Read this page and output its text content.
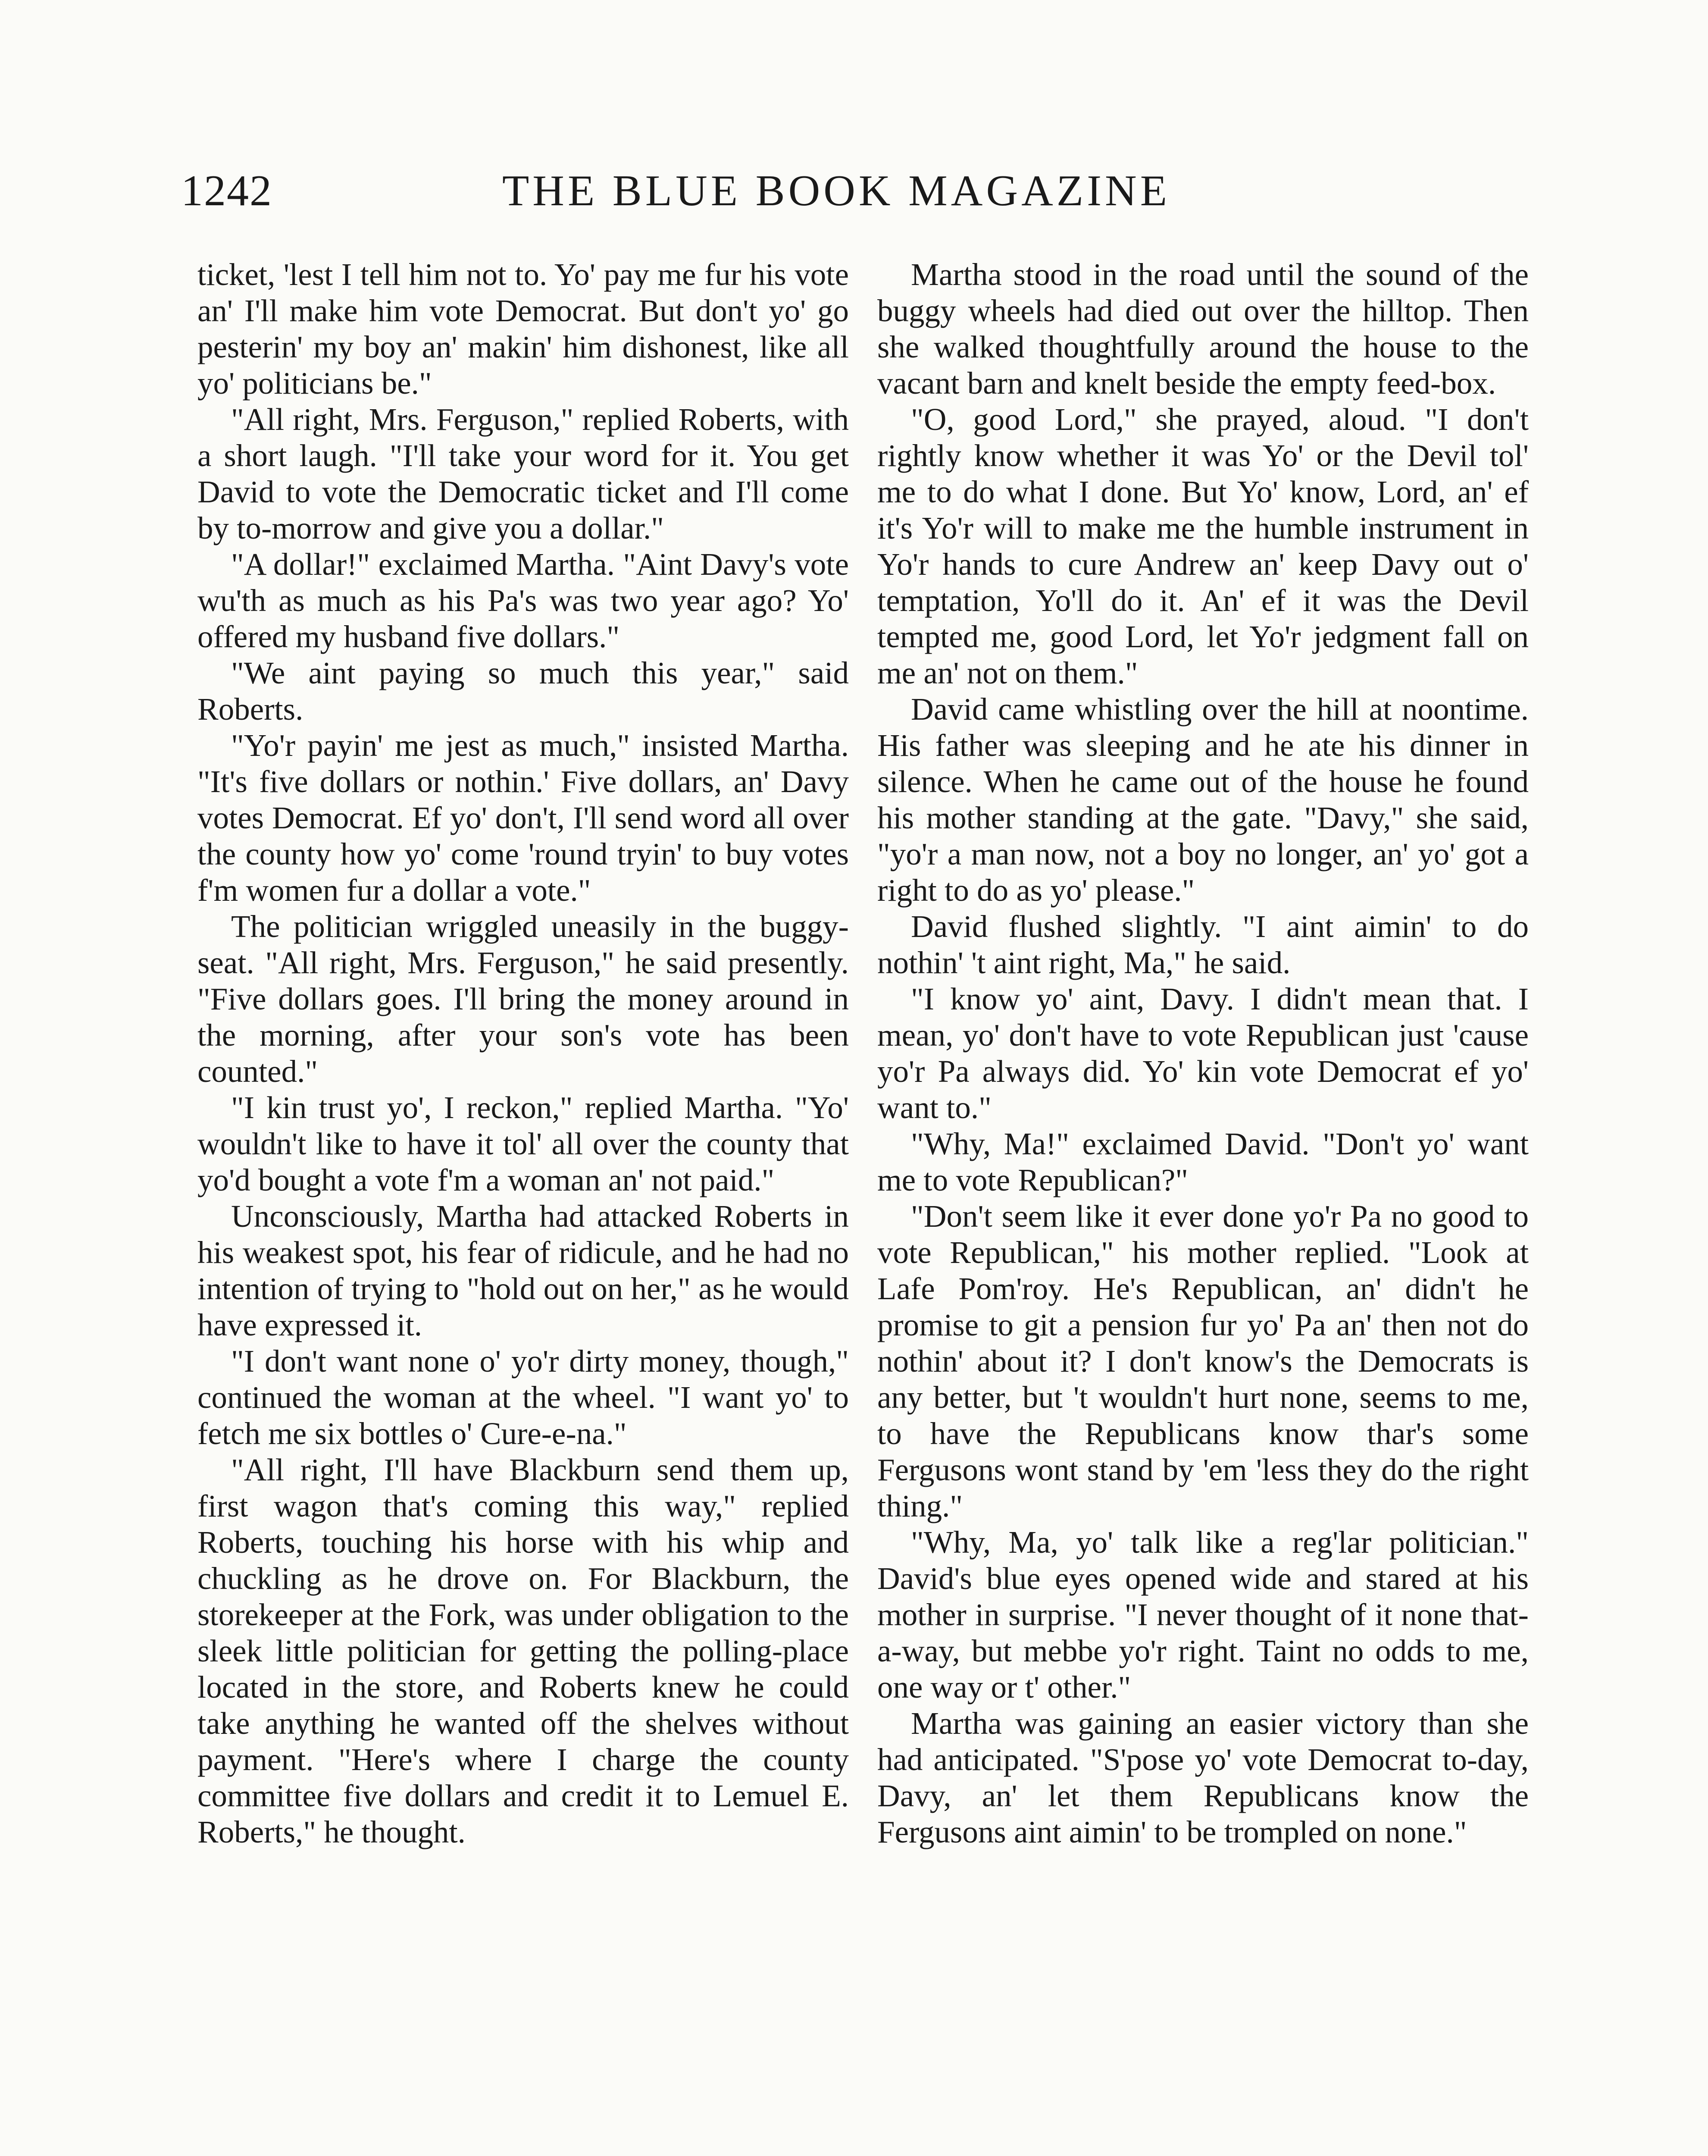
1242	THE BLUE BOOK MAGAZINE

ticket, 'lest I tell him not to. Yo' pay me fur his vote an' I'll make him vote Democrat. But don't yo' go pesterin' my boy an' makin' him dishonest, like all yo' politicians be."

"All right, Mrs. Ferguson," replied Roberts, with a short laugh. "I'll take your word for it. You get David to vote the Democratic ticket and I'll come by to-morrow and give you a dollar."

"A dollar!" exclaimed Martha. "Aint Davy's vote wu'th as much as his Pa's was two year ago? Yo' offered my husband five dollars."

"We aint paying so much this year," said Roberts.

"Yo'r payin' me jest as much," insisted Martha. "It's five dollars or nothin.' Five dollars, an' Davy votes Democrat. Ef yo' don't, I'll send word all over the county how yo' come 'round tryin' to buy votes f'm women fur a dollar a vote."

The politician wriggled uneasily in the buggy-seat. "All right, Mrs. Ferguson," he said presently. "Five dollars goes. I'll bring the money around in the morning, after your son's vote has been counted."

"I kin trust yo', I reckon," replied Martha. "Yo' wouldn't like to have it tol' all over the county that yo'd bought a vote f'm a woman an' not paid."

Unconsciously, Martha had attacked Roberts in his weakest spot, his fear of ridicule, and he had no intention of trying to "hold out on her," as he would have expressed it.

"I don't want none o' yo'r dirty money, though," continued the woman at the wheel. "I want yo' to fetch me six bottles o' Cure-e-na."

"All right, I'll have Blackburn send them up, first wagon that's coming this way," replied Roberts, touching his horse with his whip and chuckling as he drove on. For Blackburn, the storekeeper at the Fork, was under obligation to the sleek little politician for getting the polling-place located in the store, and Roberts knew he could take anything he wanted off the shelves without payment. "Here's where I charge the county committee five dollars and credit it to Lemuel E. Roberts," he thought.

Martha stood in the road until the sound of the buggy wheels had died out over the hilltop. Then she walked thoughtfully around the house to the vacant barn and knelt beside the empty feed-box.

"O, good Lord," she prayed, aloud. "I don't rightly know whether it was Yo' or the Devil tol' me to do what I done. But Yo' know, Lord, an' ef it's Yo'r will to make me the humble instrument in Yo'r hands to cure Andrew an' keep Davy out o' temptation, Yo'll do it. An' ef it was the Devil tempted me, good Lord, let Yo'r jedgment fall on me an' not on them."

David came whistling over the hill at noontime. His father was sleeping and he ate his dinner in silence. When he came out of the house he found his mother standing at the gate. "Davy," she said, "yo'r a man now, not a boy no longer, an' yo' got a right to do as yo' please."

David flushed slightly. "I aint aimin' to do nothin' 't aint right, Ma," he said.

"I know yo' aint, Davy. I didn't mean that. I mean, yo' don't have to vote Republican just 'cause yo'r Pa always did. Yo' kin vote Democrat ef yo' want to."

"Why, Ma!" exclaimed David. "Don't yo' want me to vote Republican?"

"Don't seem like it ever done yo'r Pa no good to vote Republican," his mother replied. "Look at Lafe Pom'roy. He's Republican, an' didn't he promise to git a pension fur yo' Pa an' then not do nothin' about it? I don't know's the Democrats is any better, but 't wouldn't hurt none, seems to me, to have the Republicans know thar's some Fergusons wont stand by 'em 'less they do the right thing."

"Why, Ma, yo' talk like a reg'lar politician." David's blue eyes opened wide and stared at his mother in surprise. "I never thought of it none that-a-way, but mebbe yo'r right. Taint no odds to me, one way or t' other."

Martha was gaining an easier victory than she had anticipated. "S'pose yo' vote Democrat to-day, Davy, an' let them Republicans know the Fergusons aint aimin' to be trompled on none."
